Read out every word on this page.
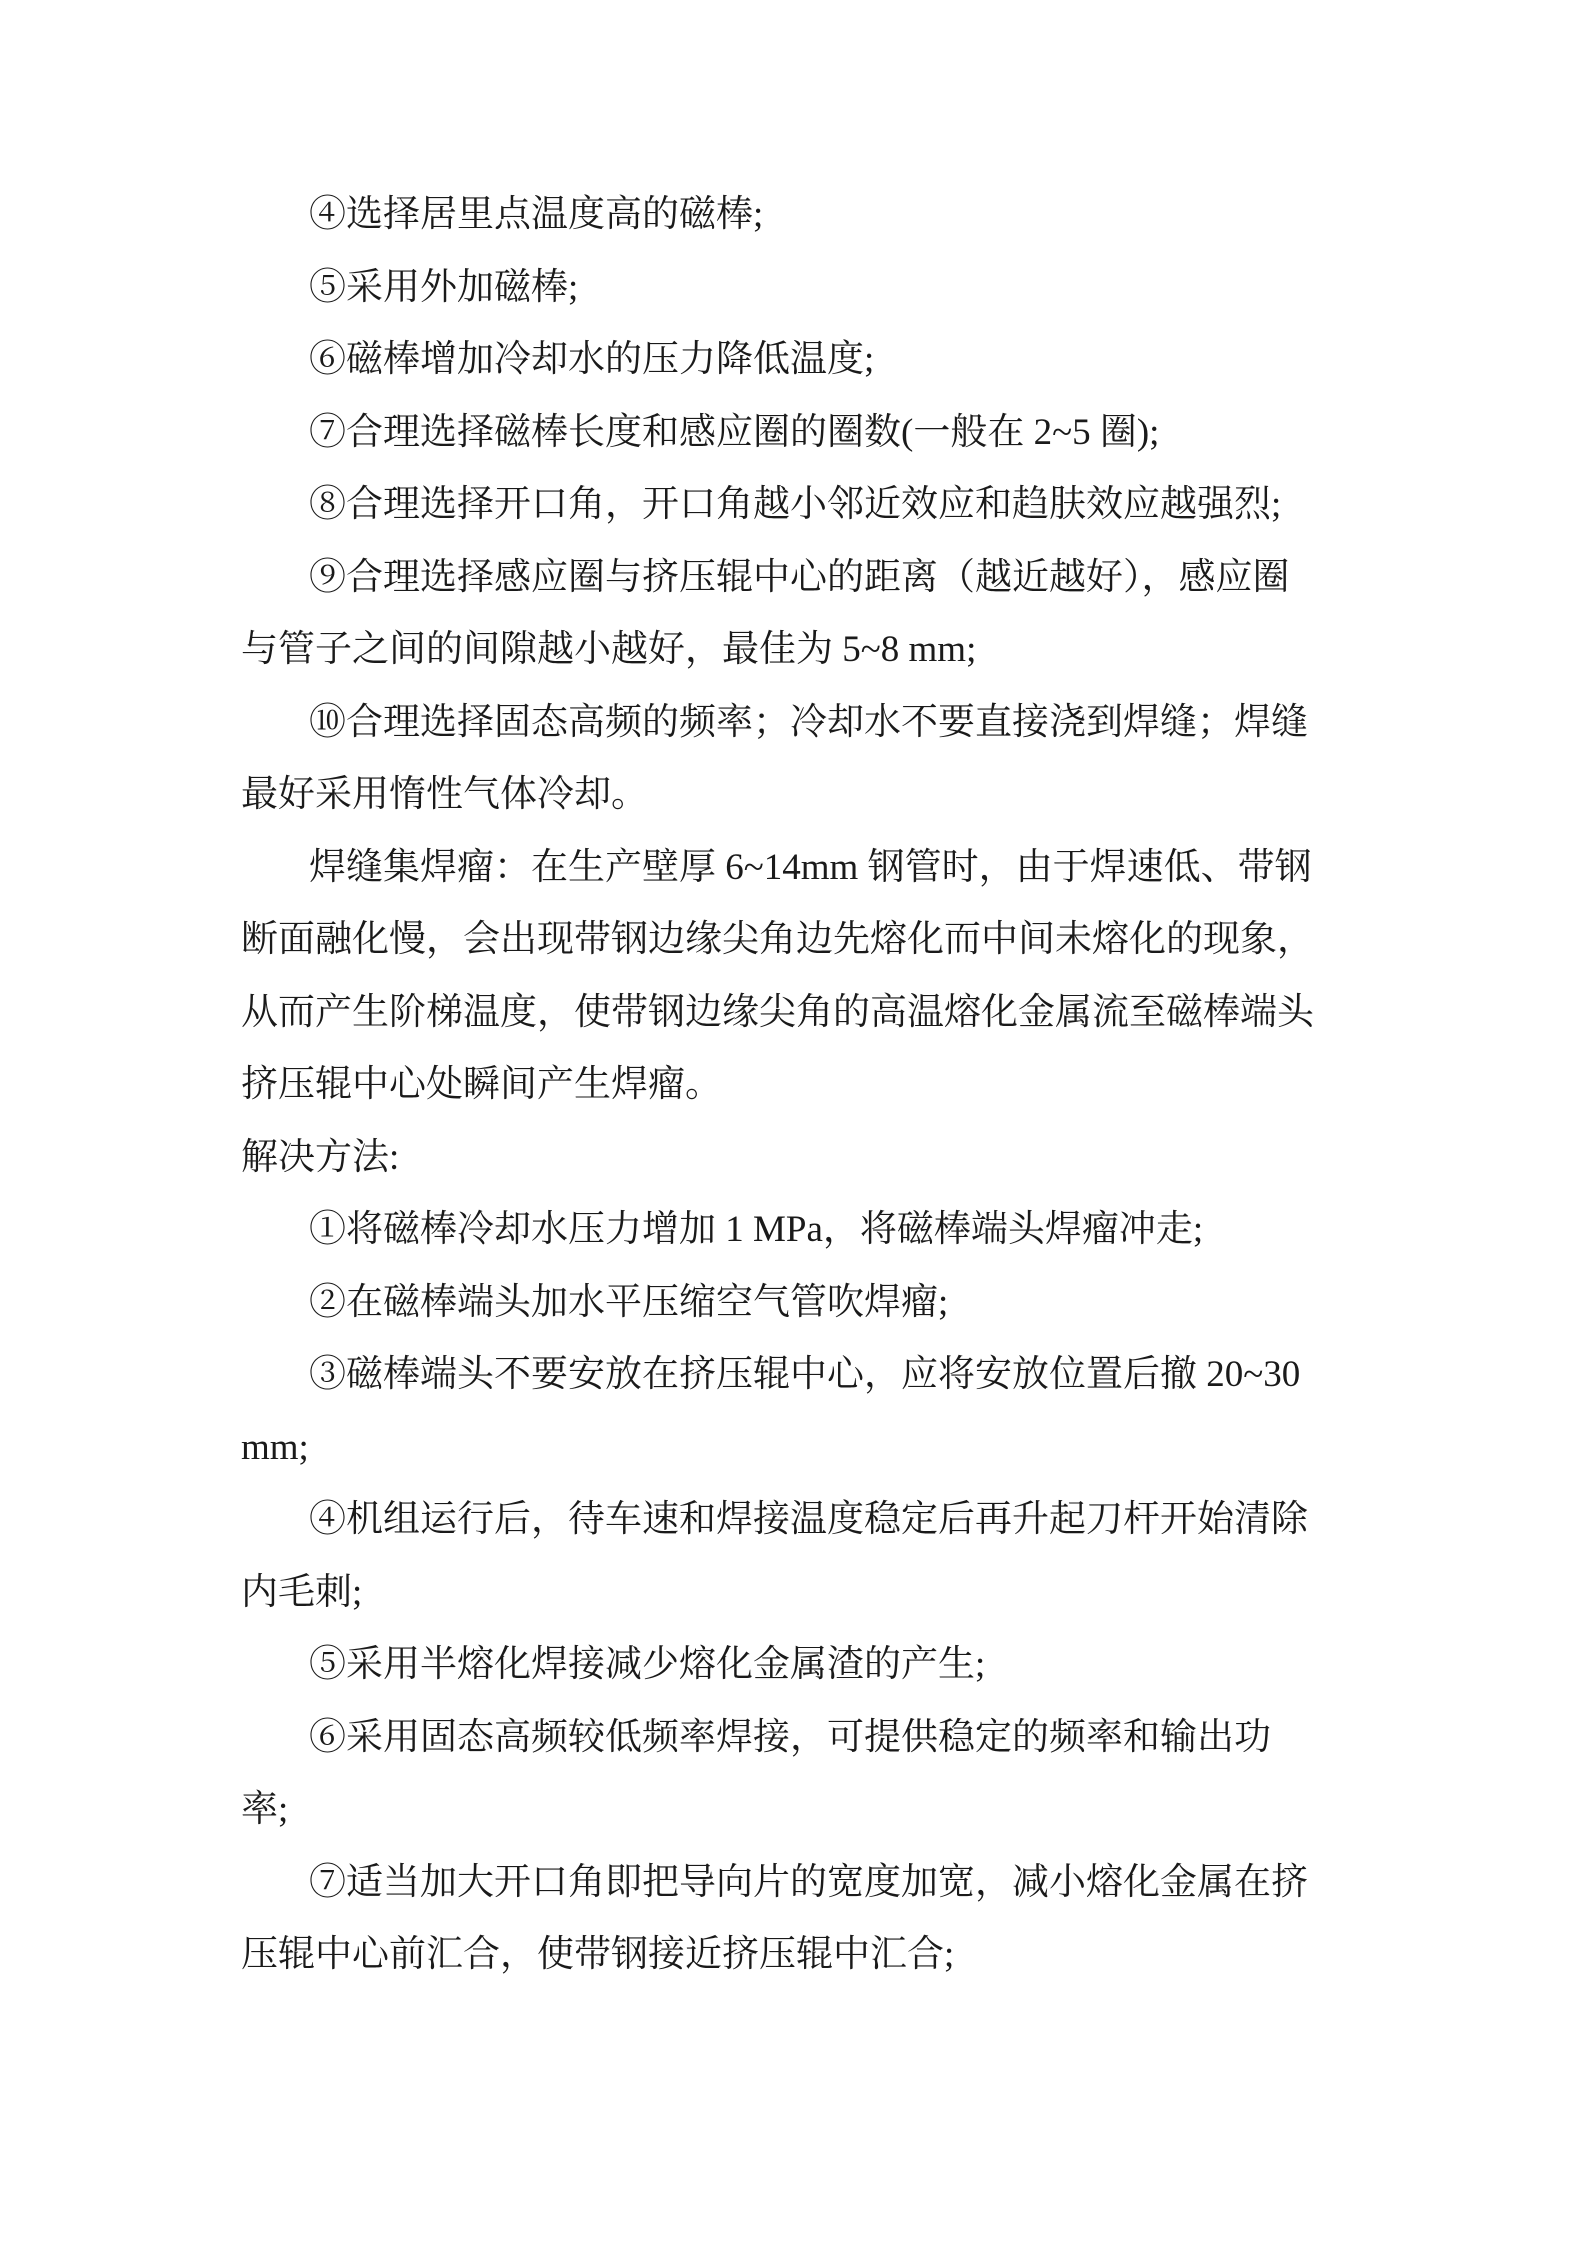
④选择居里点温度高的磁棒;
⑤采用外加磁棒;
⑥磁棒增加冷却水的压力降低温度;
⑦合理选择磁棒长度和感应圈的圈数(一般在 2~5 圈);
⑧合理选择开口角，开口角越小邻近效应和趋肤效应越强烈;
⑨合理选择感应圈与挤压辊中心的距离（越近越好），感应圈
与管子之间的间隙越小越好，最佳为 5~8 mm;
⑩合理选择固态高频的频率；冷却水不要直接浇到焊缝；焊缝
最好采用惰性气体冷却。
焊缝集焊瘤：在生产壁厚 6~14mm 钢管时，由于焊速低、带钢
断面融化慢，会出现带钢边缘尖角边先熔化而中间未熔化的现象，
从而产生阶梯温度，使带钢边缘尖角的高温熔化金属流至磁棒端头
挤压辊中心处瞬间产生焊瘤。
解决方法:
①将磁棒冷却水压力增加 1 MPa，将磁棒端头焊瘤冲走;
②在磁棒端头加水平压缩空气管吹焊瘤;
③磁棒端头不要安放在挤压辊中心，应将安放位置后撤 20~30
mm;
④机组运行后，待车速和焊接温度稳定后再升起刀杆开始清除
内毛刺;
⑤采用半熔化焊接减少熔化金属渣的产生;
⑥采用固态高频较低频率焊接，可提供稳定的频率和输出功
率;
⑦适当加大开口角即把导向片的宽度加宽，减小熔化金属在挤
压辊中心前汇合，使带钢接近挤压辊中汇合;
